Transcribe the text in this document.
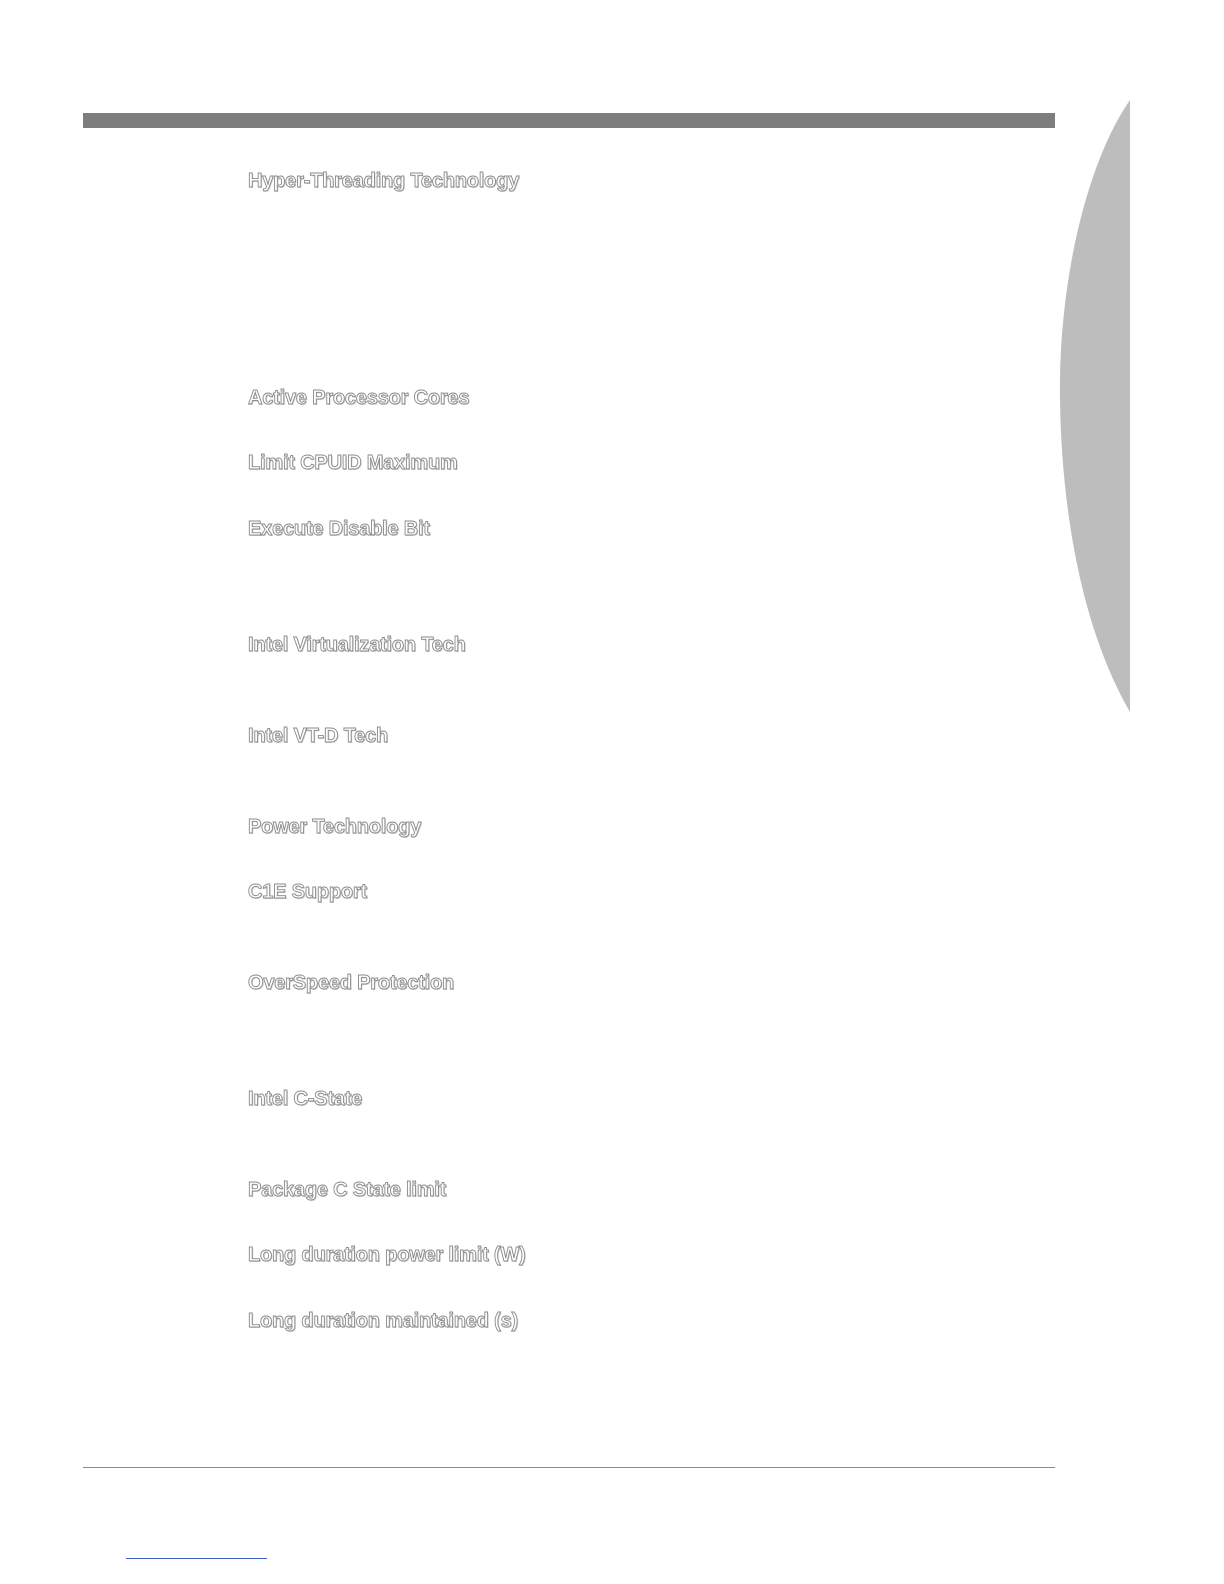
Hyper-Threading Technology

Active Processor Cores

Limit CPUID Maximum

Execute Disable Bit

Intel Virtualization Tech

Intel VT-D Tech

Power Technology

C1E Support

OverSpeed Protection

Intel C-State

Package C State limit

Long duration power limit (W)

Long duration maintained (s)
